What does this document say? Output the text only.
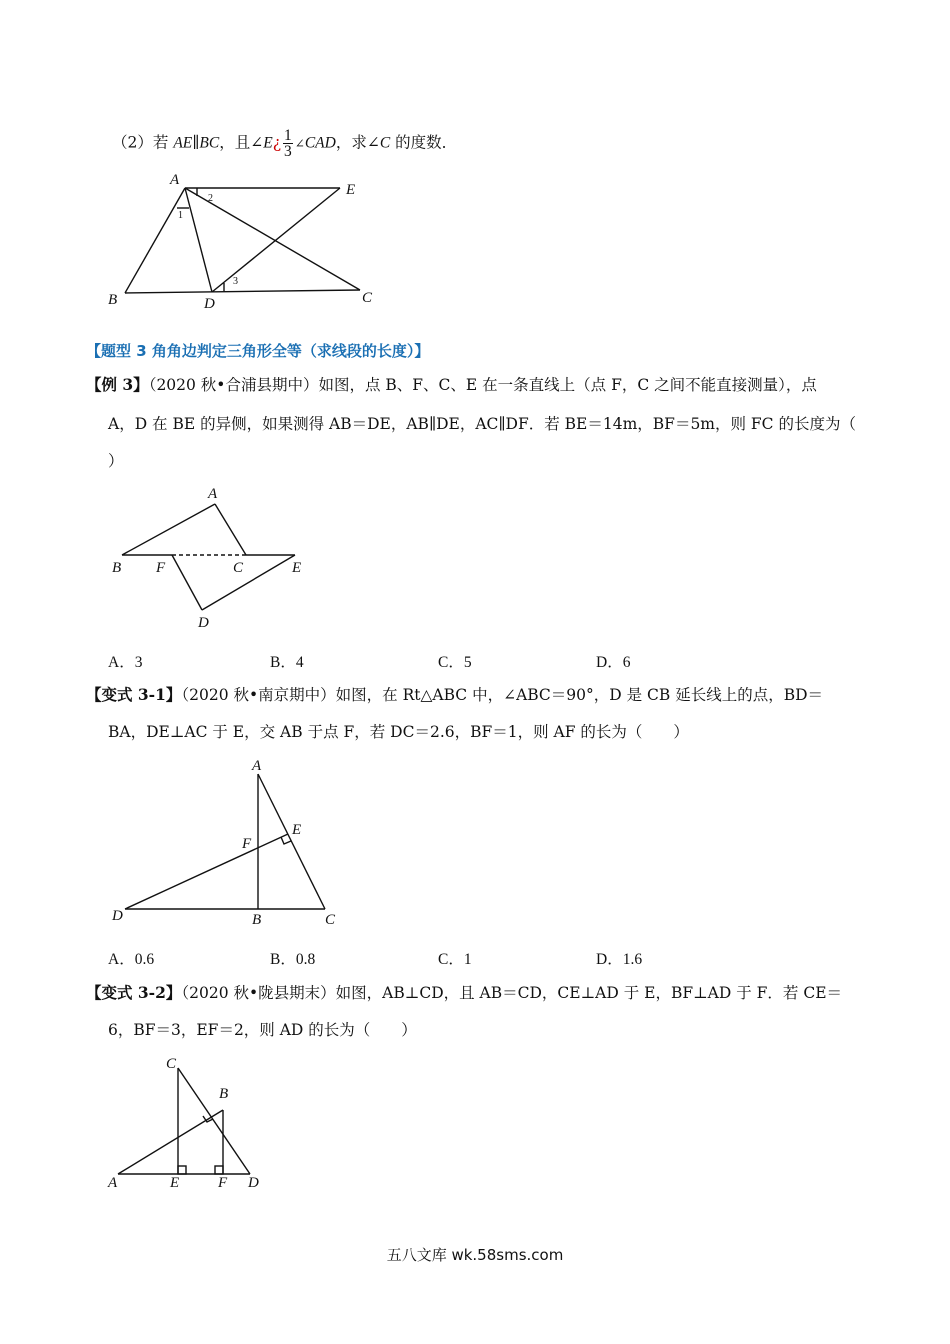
（2）若 AE∥BC，且∠E¿ $\frac{1}{3}$ ∠CAD，求∠C 的度数．
A
E
B	D	C
1
2
3
【题型 3 角角边判定三角形全等（求线段的长度）】
【例 3】（2020 秋•合浦县期中）如图，点 B、F、C、E 在一条直线上（点 F，C 之间不能直接测量），点
A，D 在 BE 的异侧，如果测得 AB＝DE，AB∥DE，AC∥DF．若 BE＝14m，BF＝5m，则 FC 的长度为（
）
A
B F	C	E
D
A．3	B．4	C．5	D．6
【变式 3-1】（2020 秋•南京期中）如图，在 Rt△ABC 中，∠ABC＝90°，D 是 CB 延长线上的点，BD＝
BA，DE⊥AC 于 E，交 AB 于点 F，若 DC＝2.6，BF＝1，则 AF 的长为（　　）
A
F
E
D	B	C
A．0.6	B．0.8	C．1	D．1.6
【变式 3-2】（2020 秋•陇县期末）如图，AB⊥CD，且 AB＝CD，CE⊥AD 于 E，BF⊥AD 于 F．若 CE＝
6，BF＝3，EF＝2，则 AD 的长为（　　）
C
B
A	E	F D
五八文库 wk.58sms.com
